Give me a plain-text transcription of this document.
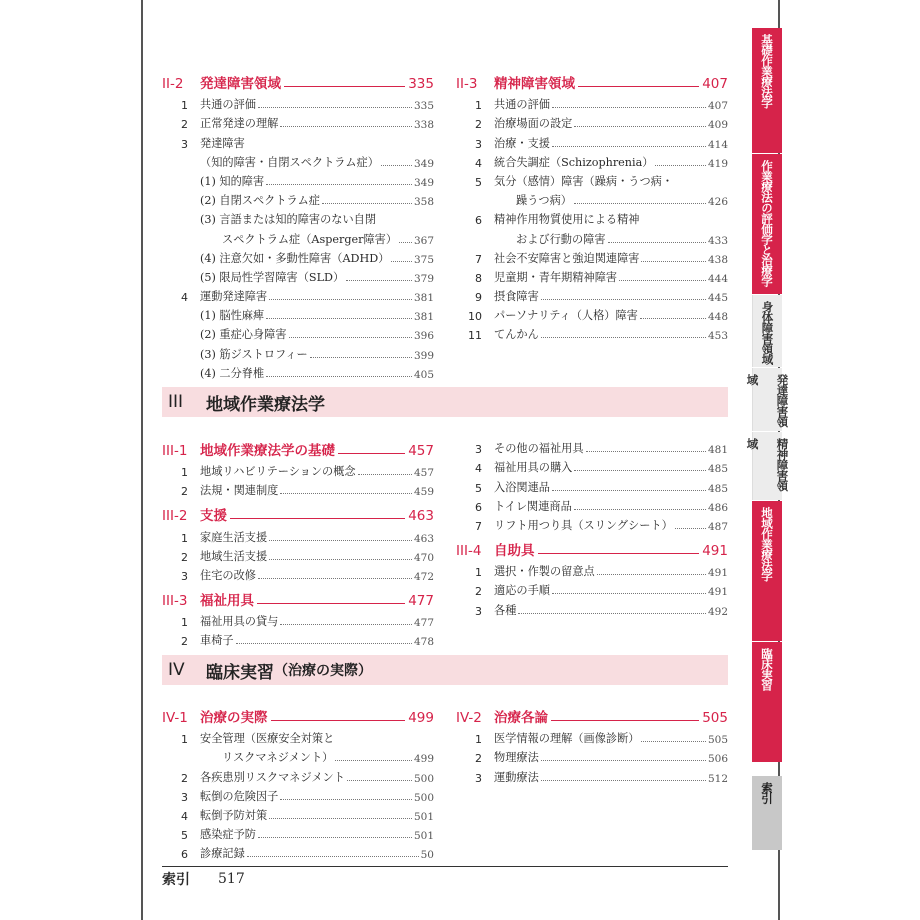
II-2	発達障害領域	335
1	共通の評価	335
2	正常発達の理解	338
3	発達障害
（知的障害・自閉スペクトラム症）	349
(1) 知的障害	349
(2) 自閉スペクトラム症	358
(3) 言語または知的障害のない自閉
スペクトラム症（Asperger障害） 367
(4) 注意欠如・多動性障害（ADHD） 375
(5) 限局性学習障害（SLD）	379
4	運動発達障害	381
(1) 脳性麻痺	381
(2) 重症心身障害	396
(3) 筋ジストロフィー	399
(4) 二分脊椎	405
II-3	精神障害領域	407
1	共通の評価	407
2	治療場面の設定	409
3	治療・支援	414
4	統合失調症（Schizophrenia）	419
5	気分（感情）障害（躁病・うつ病・
躁うつ病）	426
6	精神作用物質使用による精神
および行動の障害	433
7	社会不安障害と強迫関連障害	438
8	児童期・青年期精神障害	444
9	摂食障害	445
10	パーソナリティ（人格）障害	448
11	てんかん	453
III	地域作業療法学
III-1 地域作業療法学の基礎	457
1	地域リハビリテーションの概念	457
2	法規・関連制度	459
III-2 支援	463
1	家庭生活支援	463
2	地域生活支援	470
3	住宅の改修	472
III-3 福祉用具	477
1	福祉用具の貸与	477
2	車椅子	478
3	その他の福祉用具	481
4	福祉用具の購入	485
5	入浴関連品	485
6	トイレ関連商品	486
7	リフト用つり具（スリングシート）	487
III-4 自助具	491
1	選択・作製の留意点	491
2	適応の手順	491
3	各種	492
IV	臨床実習 （治療の実際）
IV-1 治療の実際	499
1	安全管理（医療安全対策と
リスクマネジメント）	499
2	各疾患別リスクマネジメント	500
3	転倒の危険因子	500
4	転倒予防対策	501
5	感染症予防	501
6	診療記録	50
IV-2 治療各論	505
1	医学情報の理解（画像診断）	505
2	物理療法	506
3	運動療法	512
索引	517
基礎作業療法学
作業療法の評価学と治療学
身体障害領域
発達障害領域
精神障害領域
地域作業療法学
臨床実習
索引
